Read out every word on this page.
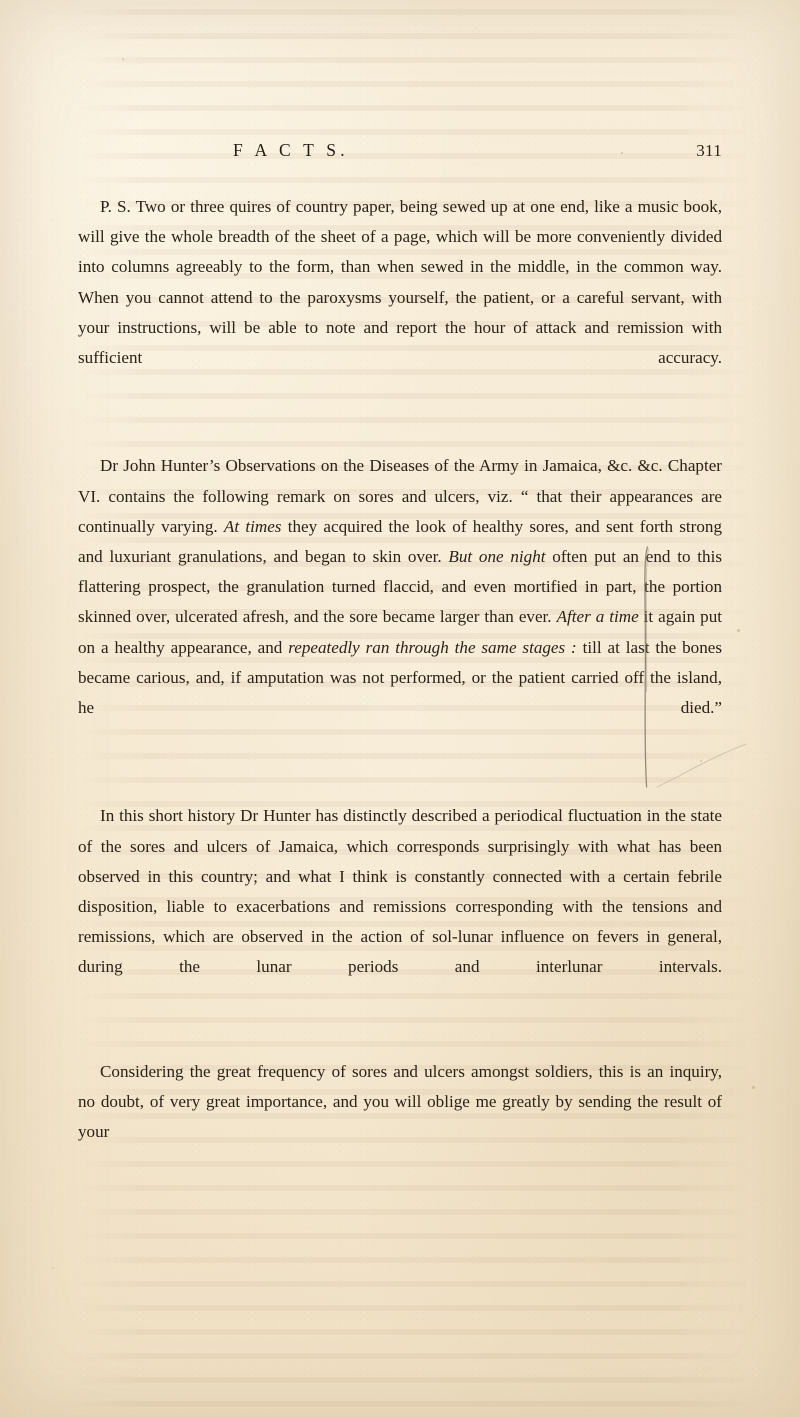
F A C T S.	311

P. S. Two or three quires of country paper, being sewed up at one end, like a music book, will give the whole breadth of the sheet of a page, which will be more conveniently divided into columns agreeably to the form, than when sewed in the middle, in the common way. When you cannot attend to the paroxysms yourself, the patient, or a careful servant, with your instructions, will be able to note and report the hour of attack and remission with sufficient accuracy.

Dr John Hunter’s Observations on the Diseases of the Army in Jamaica, &c. &c. Chapter VI. contains the following remark on sores and ulcers, viz. “ that their appearances are continually varying. At times they acquired the look of healthy sores, and sent forth strong and luxuriant granulations, and began to skin over. But one night often put an end to this flattering prospect, the granulation turned flaccid, and even mortified in part, the portion skinned over, ulcerated afresh, and the sore became larger than ever. After a time it again put on a healthy appearance, and repeatedly ran through the same stages : till at last the bones became carious, and, if amputation was not performed, or the patient carried off the island, he died.”

In this short history Dr Hunter has distinctly described a periodical fluctuation in the state of the sores and ulcers of Jamaica, which corresponds surprisingly with what has been observed in this country; and what I think is constantly connected with a certain febrile disposition, liable to exacerbations and remissions corresponding with the tensions and remissions, which are observed in the action of sol-lunar influence on fevers in general, during the lunar periods and interlunar intervals.

Considering the great frequency of sores and ulcers amongst soldiers, this is an inquiry, no doubt, of very great importance, and you will oblige me greatly by sending the result of your
